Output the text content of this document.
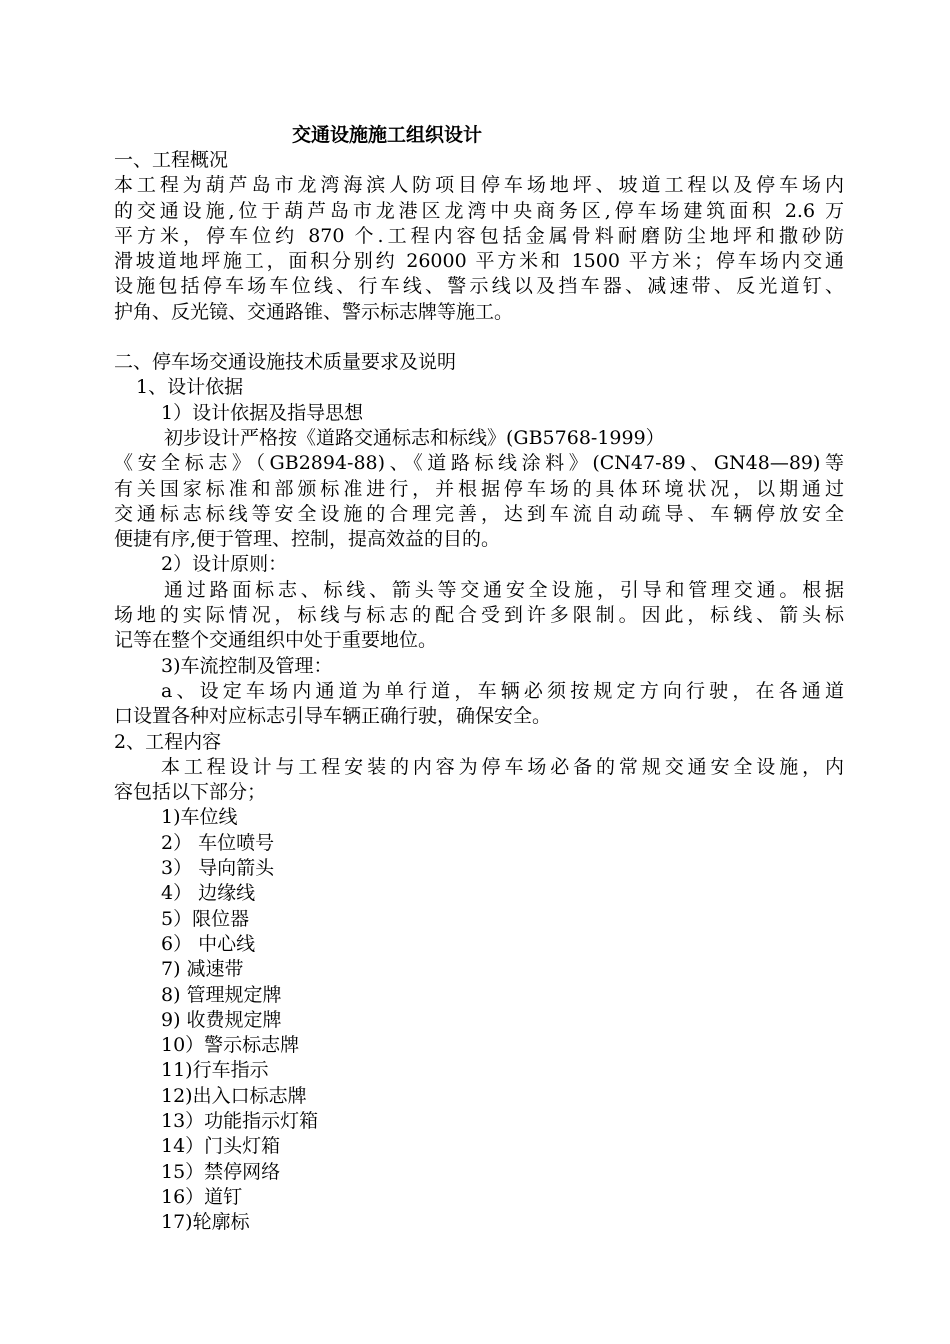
交通设施施工组织设计
一、工程概况
本工程为葫芦岛市龙湾海滨人防项目停车场地坪、坡道工程以及停车场内
的交通设施,位于葫芦岛市龙港区龙湾中央商务区,停车场建筑面积 2.6 万
平方米，停车位约 870 个.工程内容包括金属骨料耐磨防尘地坪和撒砂防
滑坡道地坪施工，面积分别约 26000 平方米和 1500 平方米；停车场内交通
设施包括停车场车位线、行车线、警示线以及挡车器、减速带、反光道钉、
护角、反光镜、交通路锥、警示标志牌等施工。
二、停车场交通设施技术质量要求及说明
1、设计依据
1）设计依据及指导思想
初步设计严格按《道路交通标志和标线》(GB5768-1999）
《安全标志》（GB2894-88)、《道路标线涂料》(CN47-89、GN48—89)等
有关国家标准和部颁标准进行，并根据停车场的具体环境状况，以期通过
交通标志标线等安全设施的合理完善，达到车流自动疏导、车辆停放安全
便捷有序,便于管理、控制，提高效益的目的。
2）设计原则：
通过路面标志、标线、箭头等交通安全设施，引导和管理交通。根据
场地的实际情况，标线与标志的配合受到许多限制。因此，标线、箭头标
记等在整个交通组织中处于重要地位。
3)车流控制及管理：
a、设定车场内通道为单行道，车辆必须按规定方向行驶，在各通道
口设置各种对应标志引导车辆正确行驶，确保安全。
2、工程内容
本工程设计与工程安装的内容为停车场必备的常规交通安全设施，内
容包括以下部分；
1)车位线
2） 车位喷号
3） 导向箭头
4） 边缘线
5）限位器
6） 中心线
7) 减速带
8) 管理规定牌
9) 收费规定牌
10）警示标志牌
11)行车指示
12)出入口标志牌
13）功能指示灯箱
14）门头灯箱
15）禁停网络
16）道钉
17)轮廓标
